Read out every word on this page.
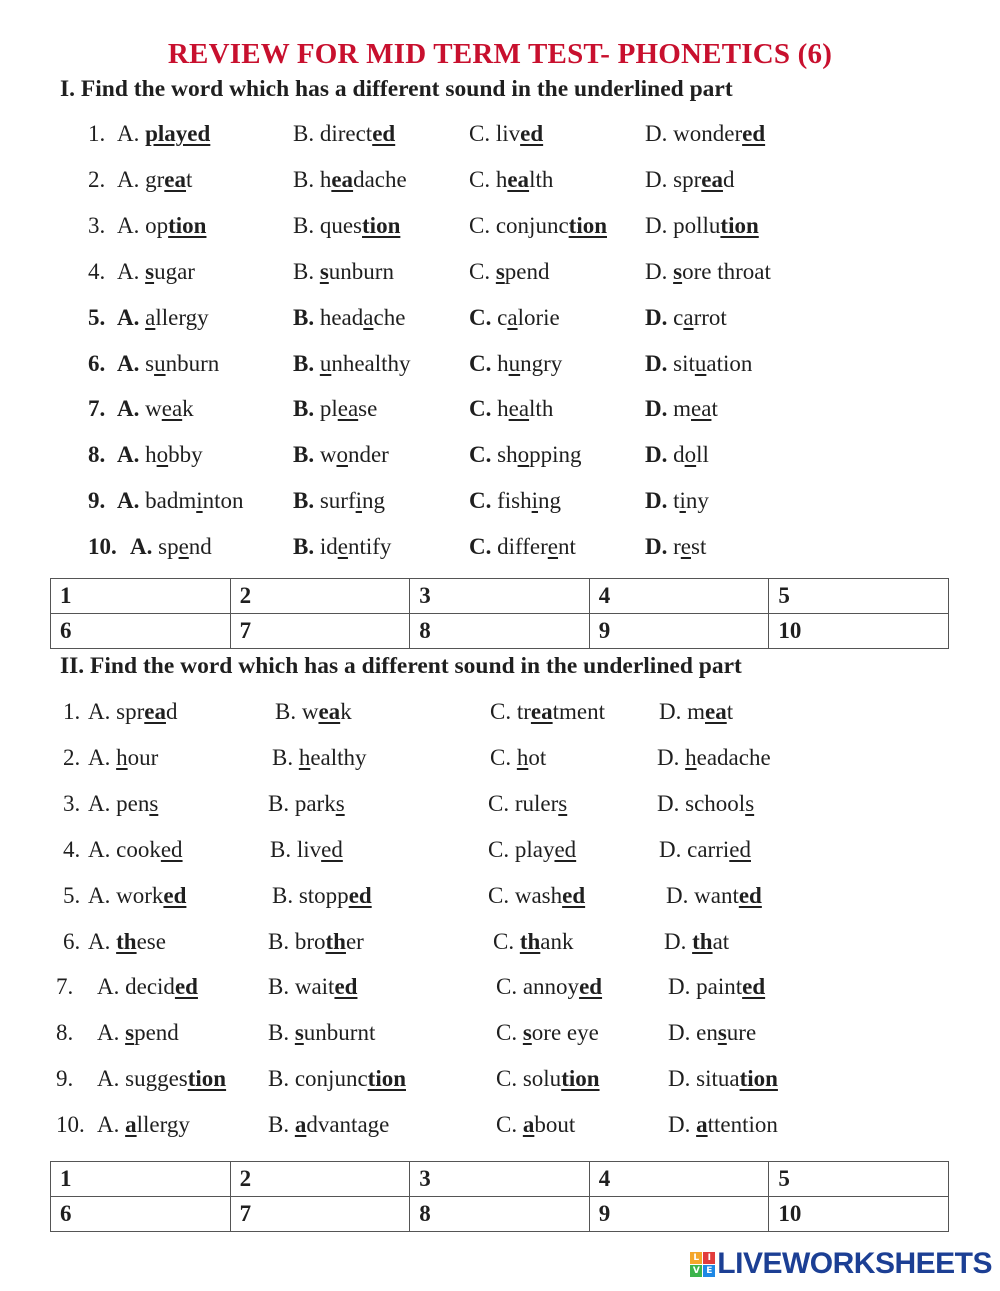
REVIEW FOR MID TERM TEST- PHONETICS (6)
I. Find the word which has a different sound in the underlined part
1. A. played	B. directed	C. lived	D. wondered
2. A. great	B. headache	C. health	D. spread
3. A. option	B. question	C. conjunction D. pollution
4. A. sugar	B. sunburn	C. spend	D. sore throat
5. A. allergy	B. headache	C. calorie	D. carrot
6. A. sunburn	B. unhealthy	C. hungry	D. situation
7. A. weak	B. please	C. health	D. meat
8. A. hobby	B. wonder	C. shopping	D. doll
9. A. badminton B. surfing	C. fishing	D. tiny
10. A. spend	B. identify	C. different	D. rest
1	2	3	4	5
6	7	8	9	10
II. Find the word which has a different sound in the underlined part
1. A. spread	B. weak	C. treatment D. meat
2. A. hour	B. healthy	C. hot	D. headache
3. A. pens	B. parks	C. rulers	D. schools
4. A. cooked	B. lived	C. played	D. carried
5. A. worked	B. stopped	C. washed	D. wanted
6. A. these	B. brother	C. thank	D. that
7. A. decided	B. waited	C. annoyed	D. painted
8. A. spend	B. sunburnt	C. sore eye	D. ensure
9. A. suggestion B. conjunction	C. solution	D. situation
10. A. allergy	B. advantage	C. about	D. attention
1	2	3	4	5
6	7	8	9	10
L I
V E LIVEWORKSHEETS
